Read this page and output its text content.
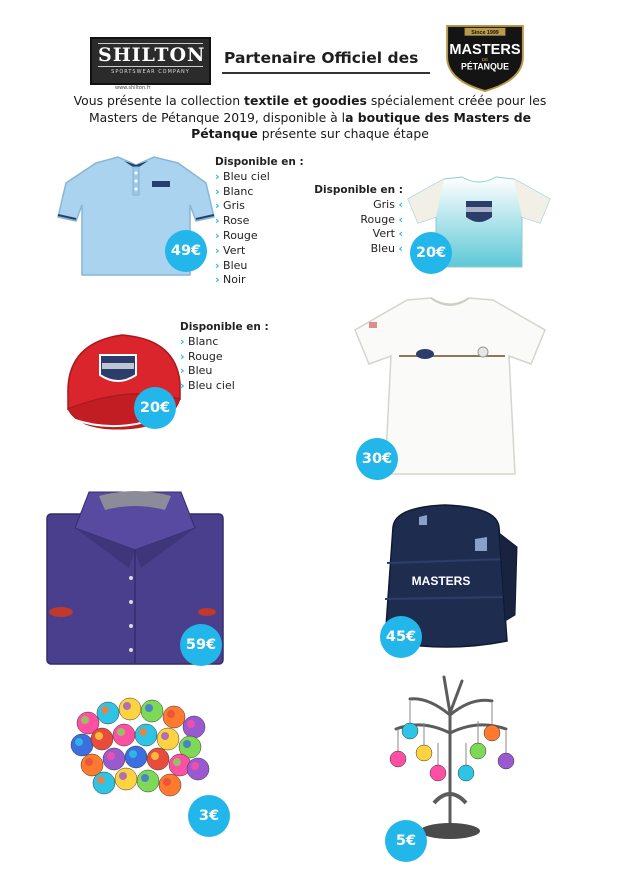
SHILTON
SPORTSWEAR COMPANY
www.shilton.fr
Partenaire Officiel des
Since 1999
MASTERS
DE
PÉTANQUE
Vous présente la collection textile et goodies spécialement créée pour les Masters de Pétanque 2019, disponible à la boutique des Masters de Pétanque présente sur chaque étape
49€
Disponible en :
› Bleu ciel
› Blanc
› Gris
› Rose
› Rouge
› Vert
› Bleu
› Noir
Disponible en :
Gris ‹
Rouge ‹
Vert ‹
Bleu ‹ 20€
Disponible en :
› Blanc
› Rouge
› Bleu
› Bleu ciel
20€
30€
59€
MASTERS
45€
3€
5€
